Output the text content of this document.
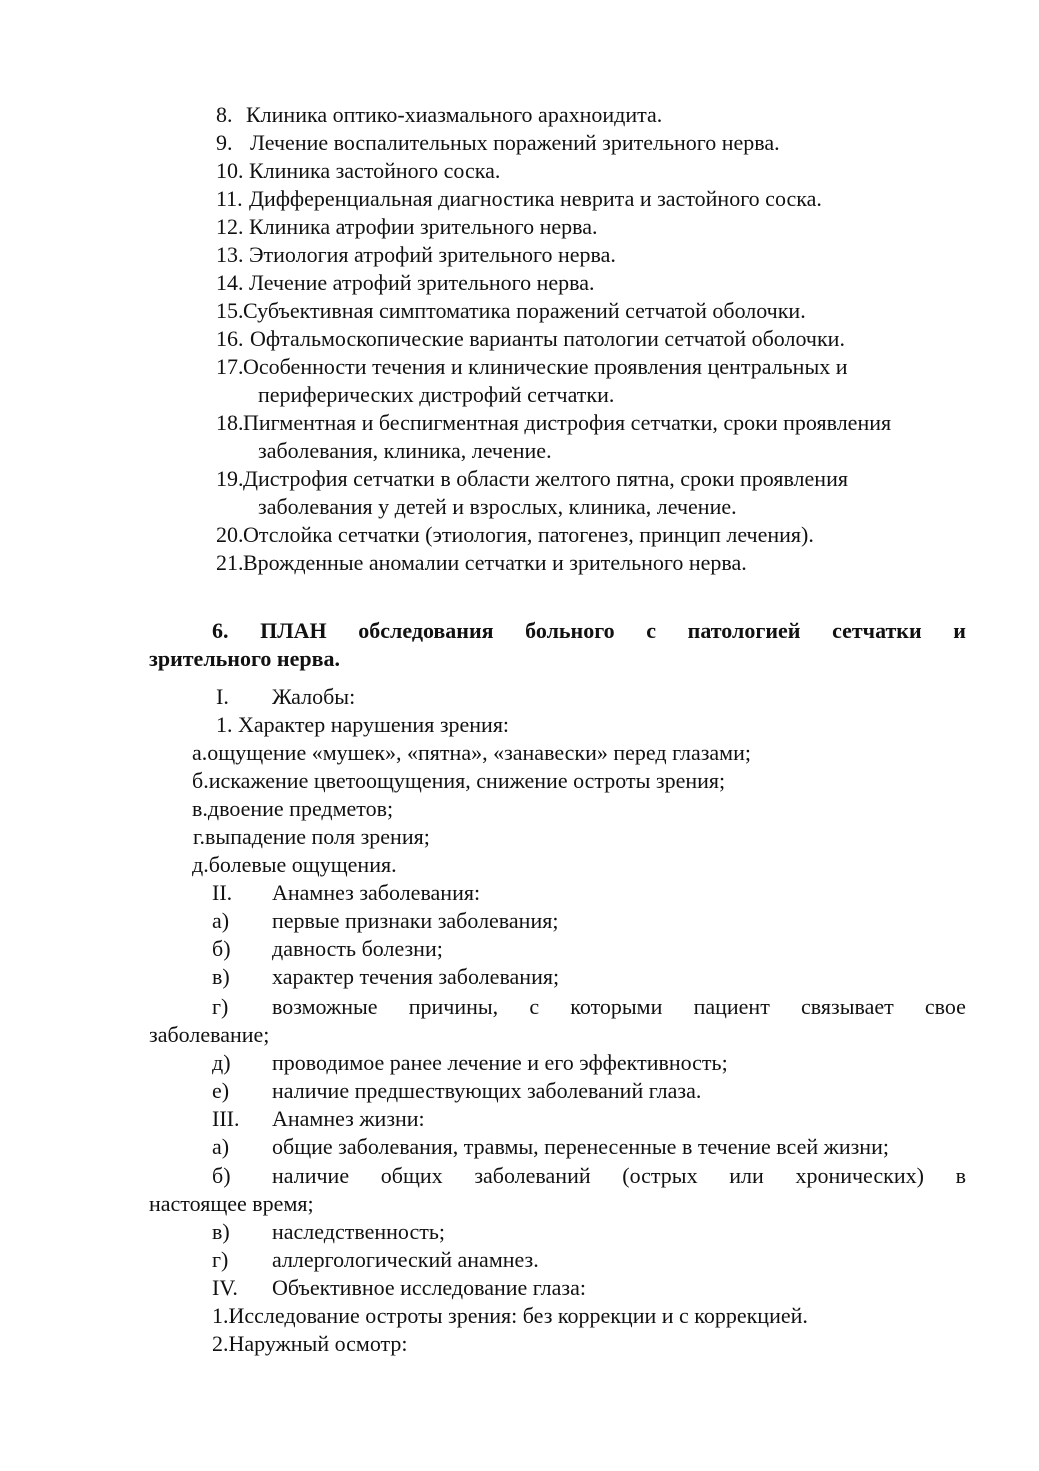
8. Клиника оптико-хиазмального арахноидита.
9. Лечение воспалительных поражений зрительного нерва.
10. Клиника застойного соска.
11. Дифференциальная диагностика неврита и застойного соска.
12. Клиника атрофии зрительного нерва.
13. Этиология атрофий зрительного нерва.
14. Лечение атрофий зрительного нерва.
15.Субъективная симптоматика поражений сетчатой оболочки.
16. Офтальмоскопические варианты патологии сетчатой оболочки.
17.Особенности течения и клинические проявления центральных и
периферических дистрофий сетчатки.
18.Пигментная и беспигментная дистрофия сетчатки, сроки проявления
заболевания, клиника, лечение.
19.Дистрофия сетчатки в области желтого пятна, сроки проявления
заболевания у детей и взрослых, клиника, лечение.
20.Отслойка сетчатки (этиология, патогенез, принцип лечения).
21.Врожденные аномалии сетчатки и зрительного нерва.
6. ПЛАН обследования больного с патологией сетчатки и
зрительного нерва.
I. Жалобы:
1. Характер нарушения зрения:
а.ощущение «мушек», «пятна», «занавески» перед глазами;
б.искажение цветоощущения, снижение остроты зрения;
в.двоение предметов;
г.выпадение поля зрения;
д.болевые ощущения.
II. Анамнез заболевания:
а) первые признаки заболевания;
б) давность болезни;
в) характер течения заболевания;
г) возможные причины, с которыми пациент связывает свое
заболевание;
д) проводимое ранее лечение и его эффективность;
е) наличие предшествующих заболеваний глаза.
III. Анамнез жизни:
а) общие заболевания, травмы, перенесенные в течение всей жизни;
б) наличие общих заболеваний (острых или хронических) в
настоящее время;
в) наследственность;
г) аллергологический анамнез.
IV. Объективное исследование глаза:
1.Исследование остроты зрения: без коррекции и с коррекцией.
2.Наружный осмотр:
